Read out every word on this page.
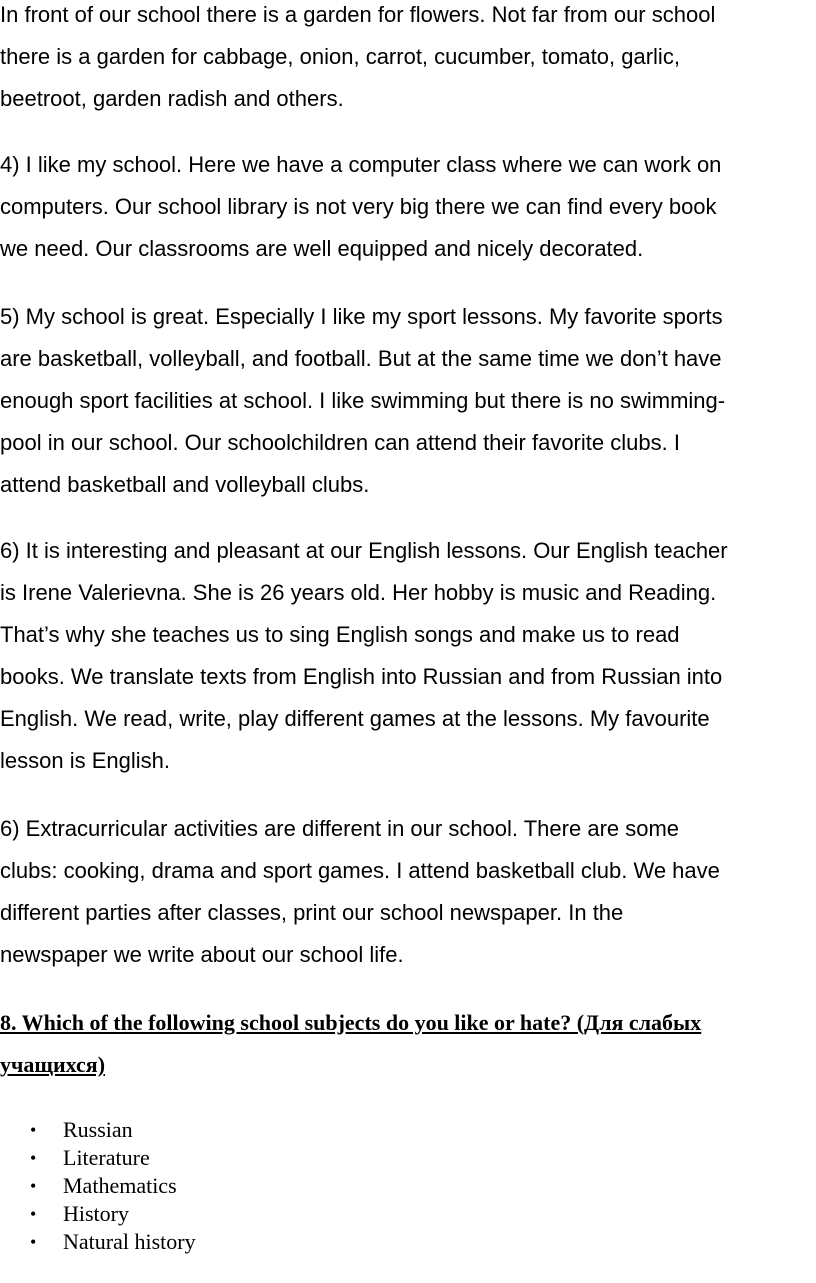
In front of our school there is a garden for flowers. Not far from our school
there is a garden for cabbage, onion, carrot, cucumber, tomato, garlic,
beetroot, garden radish and others.

4) I like my school. Here we have a computer class where we can work on
computers. Our school library is not very big there we can find every book
we need. Our classrooms are well equipped and nicely decorated.

5) My school is great. Especially I like my sport lessons. My favorite sports
are basketball, volleyball, and football. But at the same time we don’t have
enough sport facilities at school. I like swimming but there is no swimming-
pool in our school. Our schoolchildren can attend their favorite clubs. I
attend basketball and volleyball clubs.

6) It is interesting and pleasant at our English lessons. Our English teacher
is Irene Valerievna. She is 26 years old. Her hobby is music and Reading.
That’s why she teaches us to sing English songs and make us to read
books. We translate texts from English into Russian and from Russian into
English. We read, write, play different games at the lessons. My favourite
lesson is English.

6) Extracurricular activities are different in our school. There are some
clubs: cooking, drama and sport games. I attend basketball club. We have
different parties after classes, print our school newspaper. In the
newspaper we write about our school life.

8. Which of the following school subjects do you like or hate? (Для слабых
учащихся)

• Russian
• Literature
• Mathematics
• History
• Natural history
